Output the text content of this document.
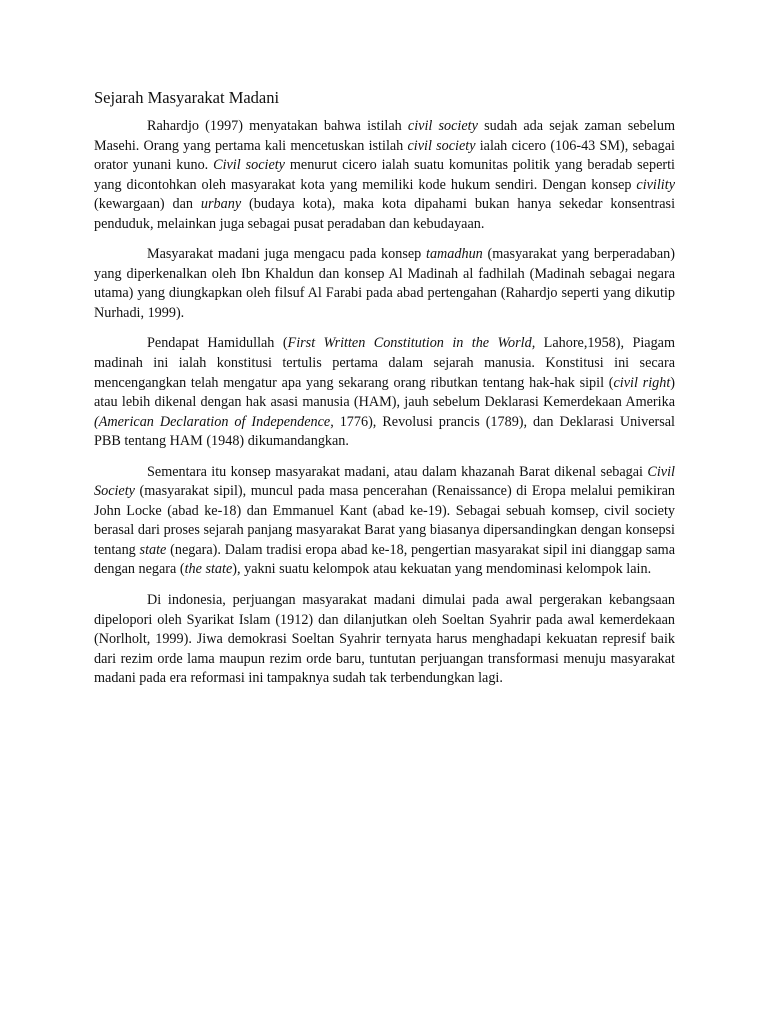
Sejarah Masyarakat Madani

Rahardjo (1997) menyatakan bahwa istilah civil society sudah ada sejak zaman sebelum Masehi. Orang yang pertama kali mencetuskan istilah civil society ialah cicero (106-43 SM), sebagai orator yunani kuno. Civil society menurut cicero ialah suatu komunitas politik yang beradab seperti yang dicontohkan oleh masyarakat kota yang memiliki kode hukum sendiri. Dengan konsep civility (kewargaan) dan urbany (budaya kota), maka kota dipahami bukan hanya sekedar konsentrasi penduduk, melainkan juga sebagai pusat peradaban dan kebudayaan.

Masyarakat madani juga mengacu pada konsep tamadhun (masyarakat yang berperadaban) yang diperkenalkan oleh Ibn Khaldun dan konsep Al Madinah al fadhilah (Madinah sebagai negara utama) yang diungkapkan oleh filsuf Al Farabi pada abad pertengahan (Rahardjo seperti yang dikutip Nurhadi, 1999).

Pendapat Hamidullah (First Written Constitution in the World, Lahore,1958), Piagam madinah ini ialah konstitusi tertulis pertama dalam sejarah manusia. Konstitusi ini secara mencengangkan telah mengatur apa yang sekarang orang ributkan tentang hak-hak sipil (civil right) atau lebih dikenal dengan hak asasi manusia (HAM), jauh sebelum Deklarasi Kemerdekaan Amerika (American Declaration of Independence, 1776), Revolusi prancis (1789), dan Deklarasi Universal PBB tentang HAM (1948) dikumandangkan.

Sementara itu konsep masyarakat madani, atau dalam khazanah Barat dikenal sebagai Civil Society (masyarakat sipil), muncul pada masa pencerahan (Renaissance) di Eropa melalui pemikiran John Locke (abad ke-18) dan Emmanuel Kant (abad ke-19). Sebagai sebuah komsep, civil society berasal dari proses sejarah panjang masyarakat Barat yang biasanya dipersandingkan dengan konsepsi tentang state (negara). Dalam tradisi eropa abad ke-18, pengertian masyarakat sipil ini dianggap sama dengan negara (the state), yakni suatu kelompok atau kekuatan yang mendominasi kelompok lain.

Di indonesia, perjuangan masyarakat madani dimulai pada awal pergerakan kebangsaan dipelopori oleh Syarikat Islam (1912) dan dilanjutkan oleh Soeltan Syahrir pada awal kemerdekaan (Norlholt, 1999). Jiwa demokrasi Soeltan Syahrir ternyata harus menghadapi kekuatan represif baik dari rezim orde lama maupun rezim orde baru, tuntutan perjuangan transformasi menuju masyarakat madani pada era reformasi ini tampaknya sudah tak terbendungkan lagi.
